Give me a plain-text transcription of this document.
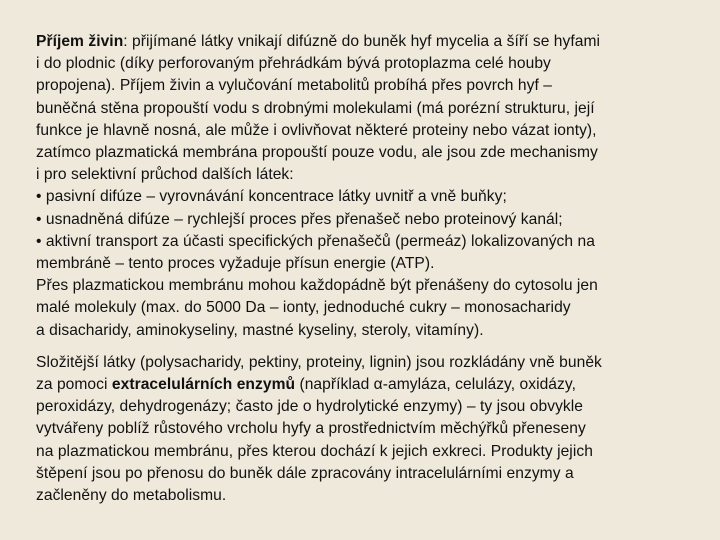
Příjem živin: přijímané látky vnikají difúzně do buněk hyf mycelia a šíří se hyfami
i do plodnic (díky perforovaným přehrádkám bývá protoplazma celé houby
propojena). Příjem živin a vylučování metabolitů probíhá přes povrch hyf –
buněčná stěna propouští vodu s drobnými molekulami (má porézní strukturu, její
funkce je hlavně nosná, ale může i ovlivňovat některé proteiny nebo vázat ionty),
zatímco plazmatická membrána propouští pouze vodu, ale jsou zde mechanismy
i pro selektivní průchod dalších látek:
• pasivní difúze – vyrovnávání koncentrace látky uvnitř a vně buňky;
• usnadněná difúze – rychlejší proces přes přenašeč nebo proteinový kanál;
• aktivní transport za účasti specifických přenašečů (permeáz) lokalizovaných na
membráně – tento proces vyžaduje přísun energie (ATP).
Přes plazmatickou membránu mohou každopádně být přenášeny do cytosolu jen
malé molekuly (max. do 5000 Da – ionty, jednoduché cukry – monosacharidy
a disacharidy, aminokyseliny, mastné kyseliny, steroly, vitamíny).
Složitější látky (polysacharidy, pektiny, proteiny, lignin) jsou rozkládány vně buněk
za pomoci extracelulárních enzymů (například α-amyláza, celulázy, oxidázy,
peroxidázy, dehydrogenázy; často jde o hydrolytické enzymy) – ty jsou obvykle
vytvářeny poblíž růstového vrcholu hyfy a prostřednictvím měchýřků přeneseny
na plazmatickou membránu, přes kterou dochází k jejich exkreci. Produkty jejich
štěpení jsou po přenosu do buněk dále zpracovány intracelulárními enzymy a
začleněny do metabolismu.
